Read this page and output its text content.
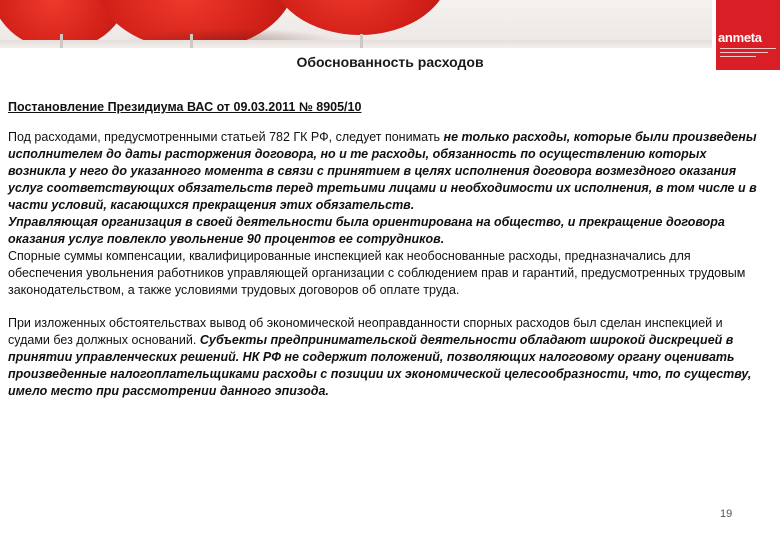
anmeta
Обоснованность расходов
Постановление Президиума ВАС от 09.03.2011 № 8905/10

Под расходами, предусмотренными статьей 782 ГК РФ, следует понимать не только расходы, которые были произведены исполнителем до даты расторжения договора, но и те расходы, обязанность по осуществлению которых возникла у него до указанного момента в связи с принятием в целях исполнения договора возмездного оказания услуг соответствующих обязательств перед третьими лицами и необходимости их исполнения, в том числе и в части условий, касающихся прекращения этих обязательств.

Управляющая организация в своей деятельности была ориентирована на общество, и прекращение договора оказания услуг повлекло увольнение 90 процентов ее сотрудников.

Спорные суммы компенсации, квалифицированные инспекцией как необоснованные расходы, предназначались для обеспечения увольнения работников управляющей организации с соблюдением прав и гарантий, предусмотренных трудовым законодательством, а также условиями трудовых договоров об оплате труда.

При изложенных обстоятельствах вывод об экономической неоправданности спорных расходов был сделан инспекцией и судами без должных оснований. Субъекты предпринимательской деятельности обладают широкой дискрецией в принятии управленческих решений. НК РФ не содержит положений, позволяющих налоговому органу оценивать произведенные налогоплательщиками расходы с позиции их экономической целесообразности, что, по существу, имело место при рассмотрении данного эпизода.

19
